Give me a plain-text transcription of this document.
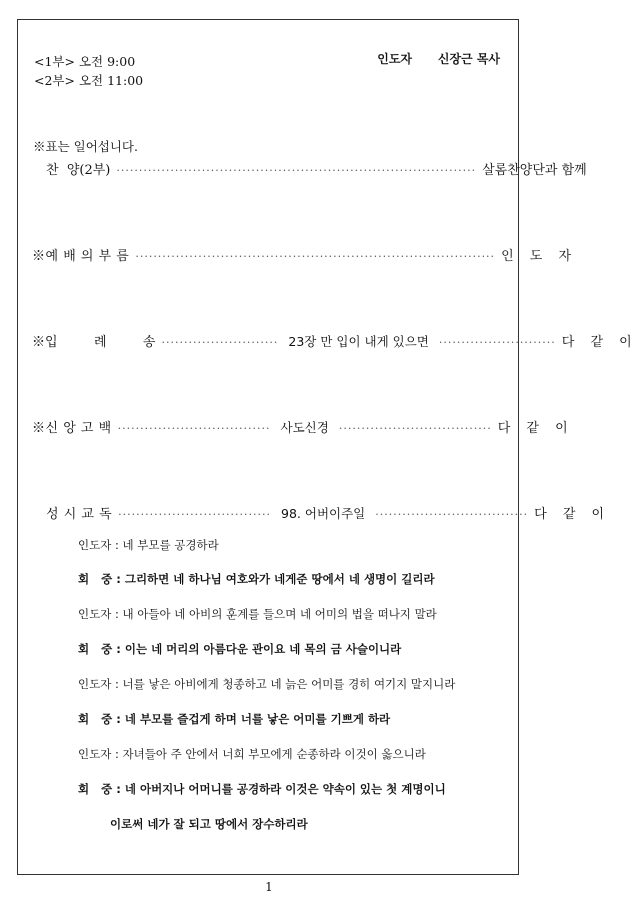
<1부> 오전 9:00
<2부> 오전 11:00
인도자 신장근 목사
※표는 일어섭니다.
찬  양(2부) ················································································ 살롬찬양단과 함께
※예 배 의 부 름 ················································································ 인 도 자
※입   례   송 ·························· 23장 만 입이 내게 있으면 ·························· 다 같 이
※신 앙 고 백 ·································· 사도신경 ·································· 다 같 이
성 시 교 독 ·································· 98. 어버이주일 ·································· 다 같 이
인도자 : 네 부모를 공경하라
회   중 : 그리하면 네 하나님 여호와가 네게준 땅에서 네 생명이 길리라
인도자 : 내 아들아 네 아비의 훈계를 들으며 네 어미의 법을 떠나지 말라
회   중 : 이는 네 머리의 아름다운 관이요 네 목의 금 사슬이니라
인도자 : 너를 낳은 아비에게 청종하고 네 늙은 어미를 경히 여기지 말지니라
회   중 : 네 부모를 즐겁게 하며 너를 낳은 어미를 기쁘게 하라
인도자 : 자녀들아 주 안에서 너희 부모에게 순종하라 이것이 옳으니라
회   중 : 네 아버지나 어머니를 공경하라 이것은 약속이 있는 첫 계명이니
이로써 네가 잘 되고 땅에서 장수하리라
1
